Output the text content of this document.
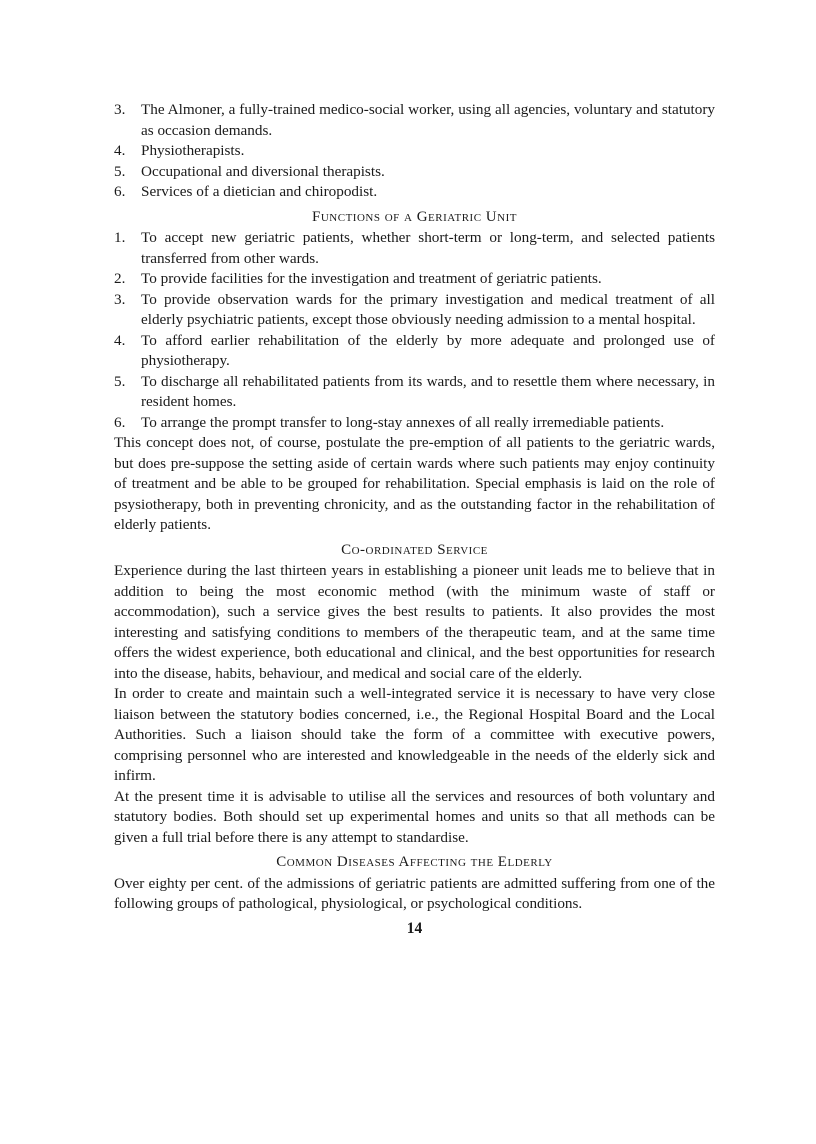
3.	The Almoner, a fully-trained medico-social worker, using all agencies, voluntary and statutory as occasion demands.
4.	Physiotherapists.
5.	Occupational and diversional therapists.
6.	Services of a dietician and chiropodist.
Functions of a Geriatric Unit
1.	To accept new geriatric patients, whether short-term or long-term, and selected patients transferred from other wards.
2.	To provide facilities for the investigation and treatment of geriatric patients.
3.	To provide observation wards for the primary investigation and medical treatment of all elderly psychiatric patients, except those obviously needing admission to a mental hospital.
4.	To afford earlier rehabilitation of the elderly by more adequate and prolonged use of physiotherapy.
5.	To discharge all rehabilitated patients from its wards, and to resettle them where necessary, in resident homes.
6.	To arrange the prompt transfer to long-stay annexes of all really irremediable patients.

This concept does not, of course, postulate the pre-emption of all patients to the geriatric wards, but does pre-suppose the setting aside of certain wards where such patients may enjoy continuity of treatment and be able to be grouped for rehabilitation. Special emphasis is laid on the role of psysiotherapy, both in preventing chronicity, and as the outstanding factor in the rehabilitation of elderly patients.

Co-ordinated Service

Experience during the last thirteen years in establishing a pioneer unit leads me to believe that in addition to being the most economic method (with the minimum waste of staff or accommodation), such a service gives the best results to patients. It also provides the most interesting and satisfying conditions to members of the therapeutic team, and at the same time offers the widest experience, both educational and clinical, and the best opportunities for research into the disease, habits, behaviour, and medical and social care of the elderly.

In order to create and maintain such a well-integrated service it is necessary to have very close liaison between the statutory bodies concerned, i.e., the Regional Hospital Board and the Local Authorities. Such a liaison should take the form of a committee with executive powers, comprising personnel who are interested and knowledgeable in the needs of the elderly sick and infirm.

At the present time it is advisable to utilise all the services and resources of both voluntary and statutory bodies. Both should set up experimental homes and units so that all methods can be given a full trial before there is any attempt to standardise.

Common Diseases Affecting the Elderly

Over eighty per cent. of the admissions of geriatric patients are admitted suffering from one of the following groups of pathological, physiological, or psychological conditions.

14
